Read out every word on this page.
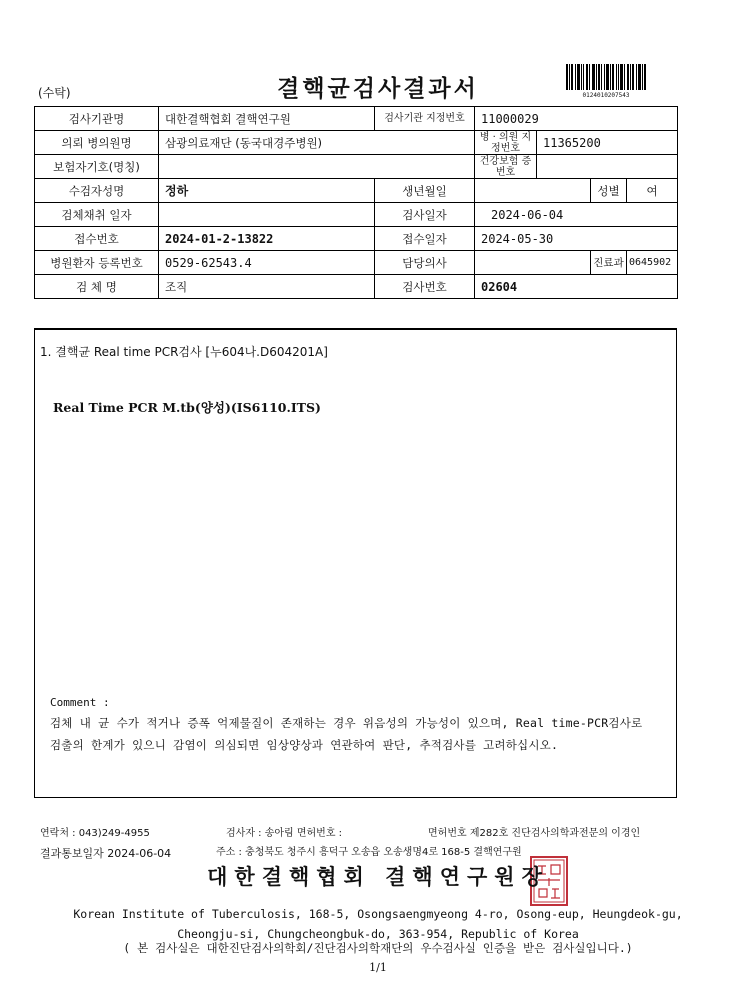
(수탁)	결핵균검사결과서	0124010207543
검사기관명	대한결핵협회 결핵연구원	검사기관 지정번호	11000029			
의뢰 병의원명	삼광의료재단 (동국대경주병원)		병 · 의원 지정번호	11365200		
보험자기호(명칭)			건강보험 증번호			
수검자성명	정하	생년월일			성별	여
검체채취 일자		검사일자	2024-06-04			
접수번호	2024-01-2-13822	접수일자	2024-05-30			
병원환자 등록번호	0529-62543.4	담당의사			진료과	0645902
검 체 명	조직	검사번호	02604			
1. 결핵균 Real time PCR검사 [누604나.D604201A]
Real Time PCR M.tb(양성)(IS6110.ITS)
Comment :
검체 내 균 수가 적거나 증폭 억제물질이 존재하는 경우 위음성의 가능성이 있으며, Real time-PCR검사로 검출의 한계가 있으니 감염이 의심되면 임상양상과 연관하여 판단, 추적검사를 고려하십시오.
연락처 : 043)249-4955	검사자 : 송아림 면허번호 :	면허번호 제282호 진단검사의학과전문의 이경인
결과통보일자 2024-06-04	주소 : 충청북도 청주시 흥덕구 오송읍 오송생명4로 168-5 결핵연구원
대한결핵협회 결핵연구원장
Korean Institute of Tuberculosis, 168-5, Osongsaengmyeong 4-ro, Osong-eup, Heungdeok-gu,
Cheongju-si, Chungcheongbuk-do, 363-954, Republic of Korea
( 본 검사실은 대한진단검사의학회/진단검사의학재단의 우수검사실 인증을 받은 검사실입니다.)
1/1
